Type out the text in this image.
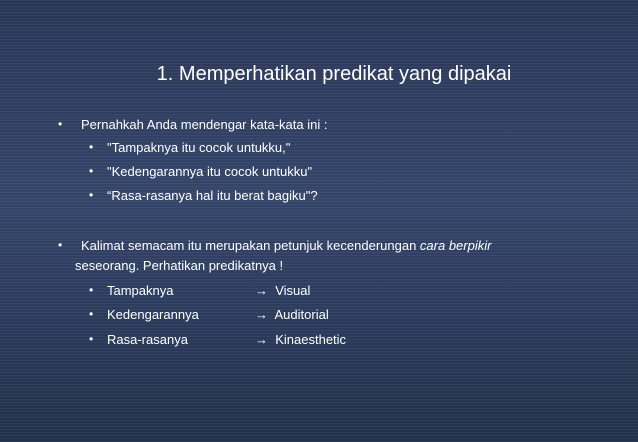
1. Memperhatikan predikat yang dipakai
• Pernahkah Anda mendengar kata-kata ini :
• "Tampaknya itu cocok untukku,"
• "Kedengarannya itu cocok untukku"
• “Rasa-rasanya hal itu berat bagiku"?
• Kalimat semacam itu merupakan petunjuk kecenderungan cara berpikir
seseorang. Perhatikan predikatnya !
• Tampaknya	→ Visual
• Kedengarannya	→ Auditorial
• Rasa-rasanya	→ Kinaesthetic
